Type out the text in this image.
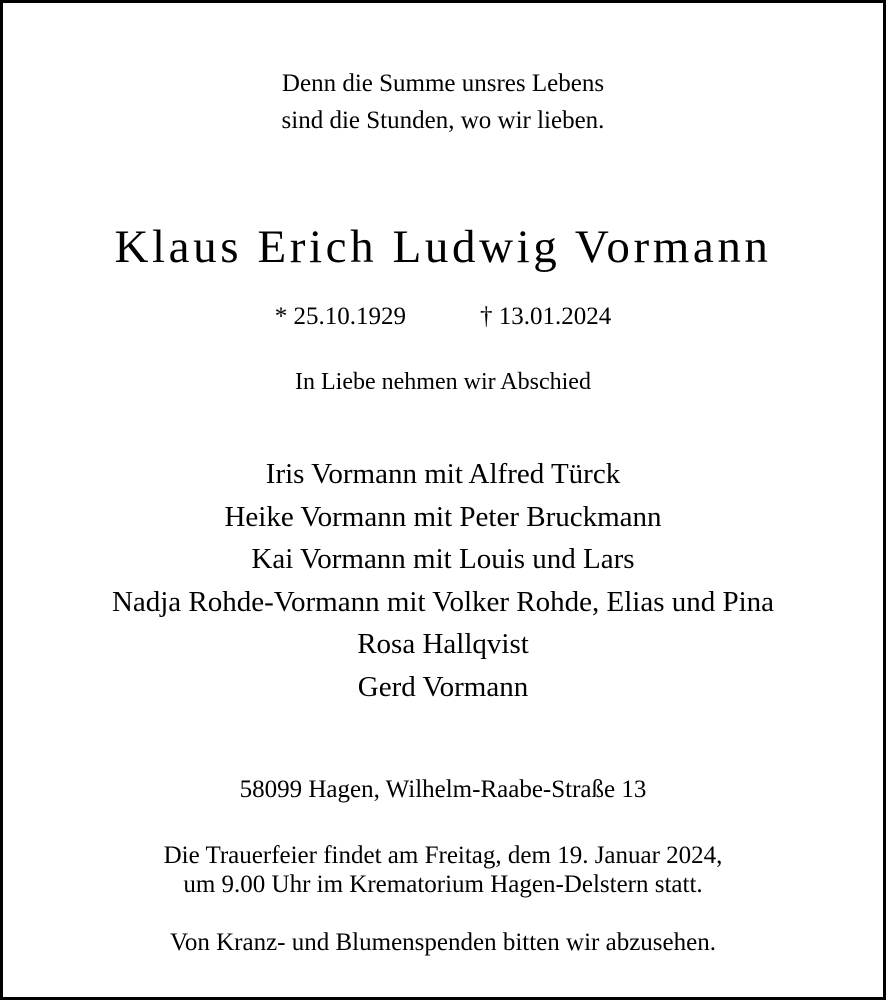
Denn die Summe unsres Lebens
sind die Stunden, wo wir lieben.

Klaus Erich Ludwig Vormann

* 25.10.1929	† 13.01.2024

In Liebe nehmen wir Abschied

Iris Vormann mit Alfred Türck
Heike Vormann mit Peter Bruckmann
Kai Vormann mit Louis und Lars
Nadja Rohde-Vormann mit Volker Rohde, Elias und Pina
Rosa Hallqvist
Gerd Vormann

58099 Hagen, Wilhelm-Raabe-Straße 13

Die Trauerfeier findet am Freitag, dem 19. Januar 2024,
um 9.00 Uhr im Krematorium Hagen-Delstern statt.

Von Kranz- und Blumenspenden bitten wir abzusehen.
